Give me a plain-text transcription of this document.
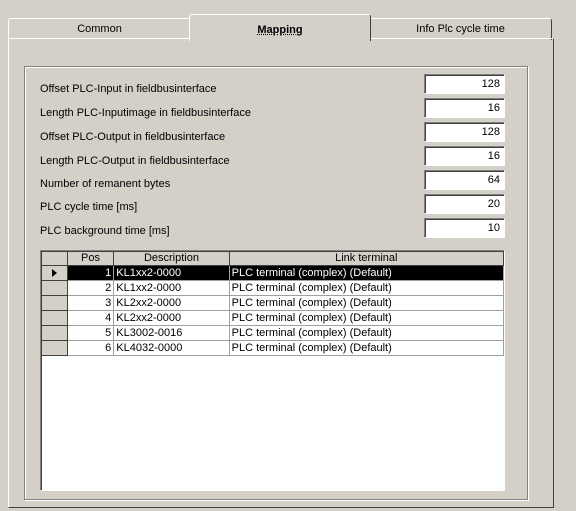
Common	Mapping	Info Plc cycle time
Offset PLC-Input in fieldbusinterface	128
Length PLC-Inputimage in fieldbusinterface	16
Offset PLC-Output in fieldbusinterface	128
Length PLC-Output in fieldbusinterface	16
Number of remanent bytes	64
PLC cycle time [ms]	20
PLC background time [ms]	10
	Pos	Description	Link terminal
	1	KL1xx2-0000	PLC terminal (complex) (Default)
	2	KL1xx2-0000	PLC terminal (complex) (Default)
	3	KL2xx2-0000	PLC terminal (complex) (Default)
	4	KL2xx2-0000	PLC terminal (complex) (Default)
	5	KL3002-0016	PLC terminal (complex) (Default)
	6	KL4032-0000	PLC terminal (complex) (Default)
